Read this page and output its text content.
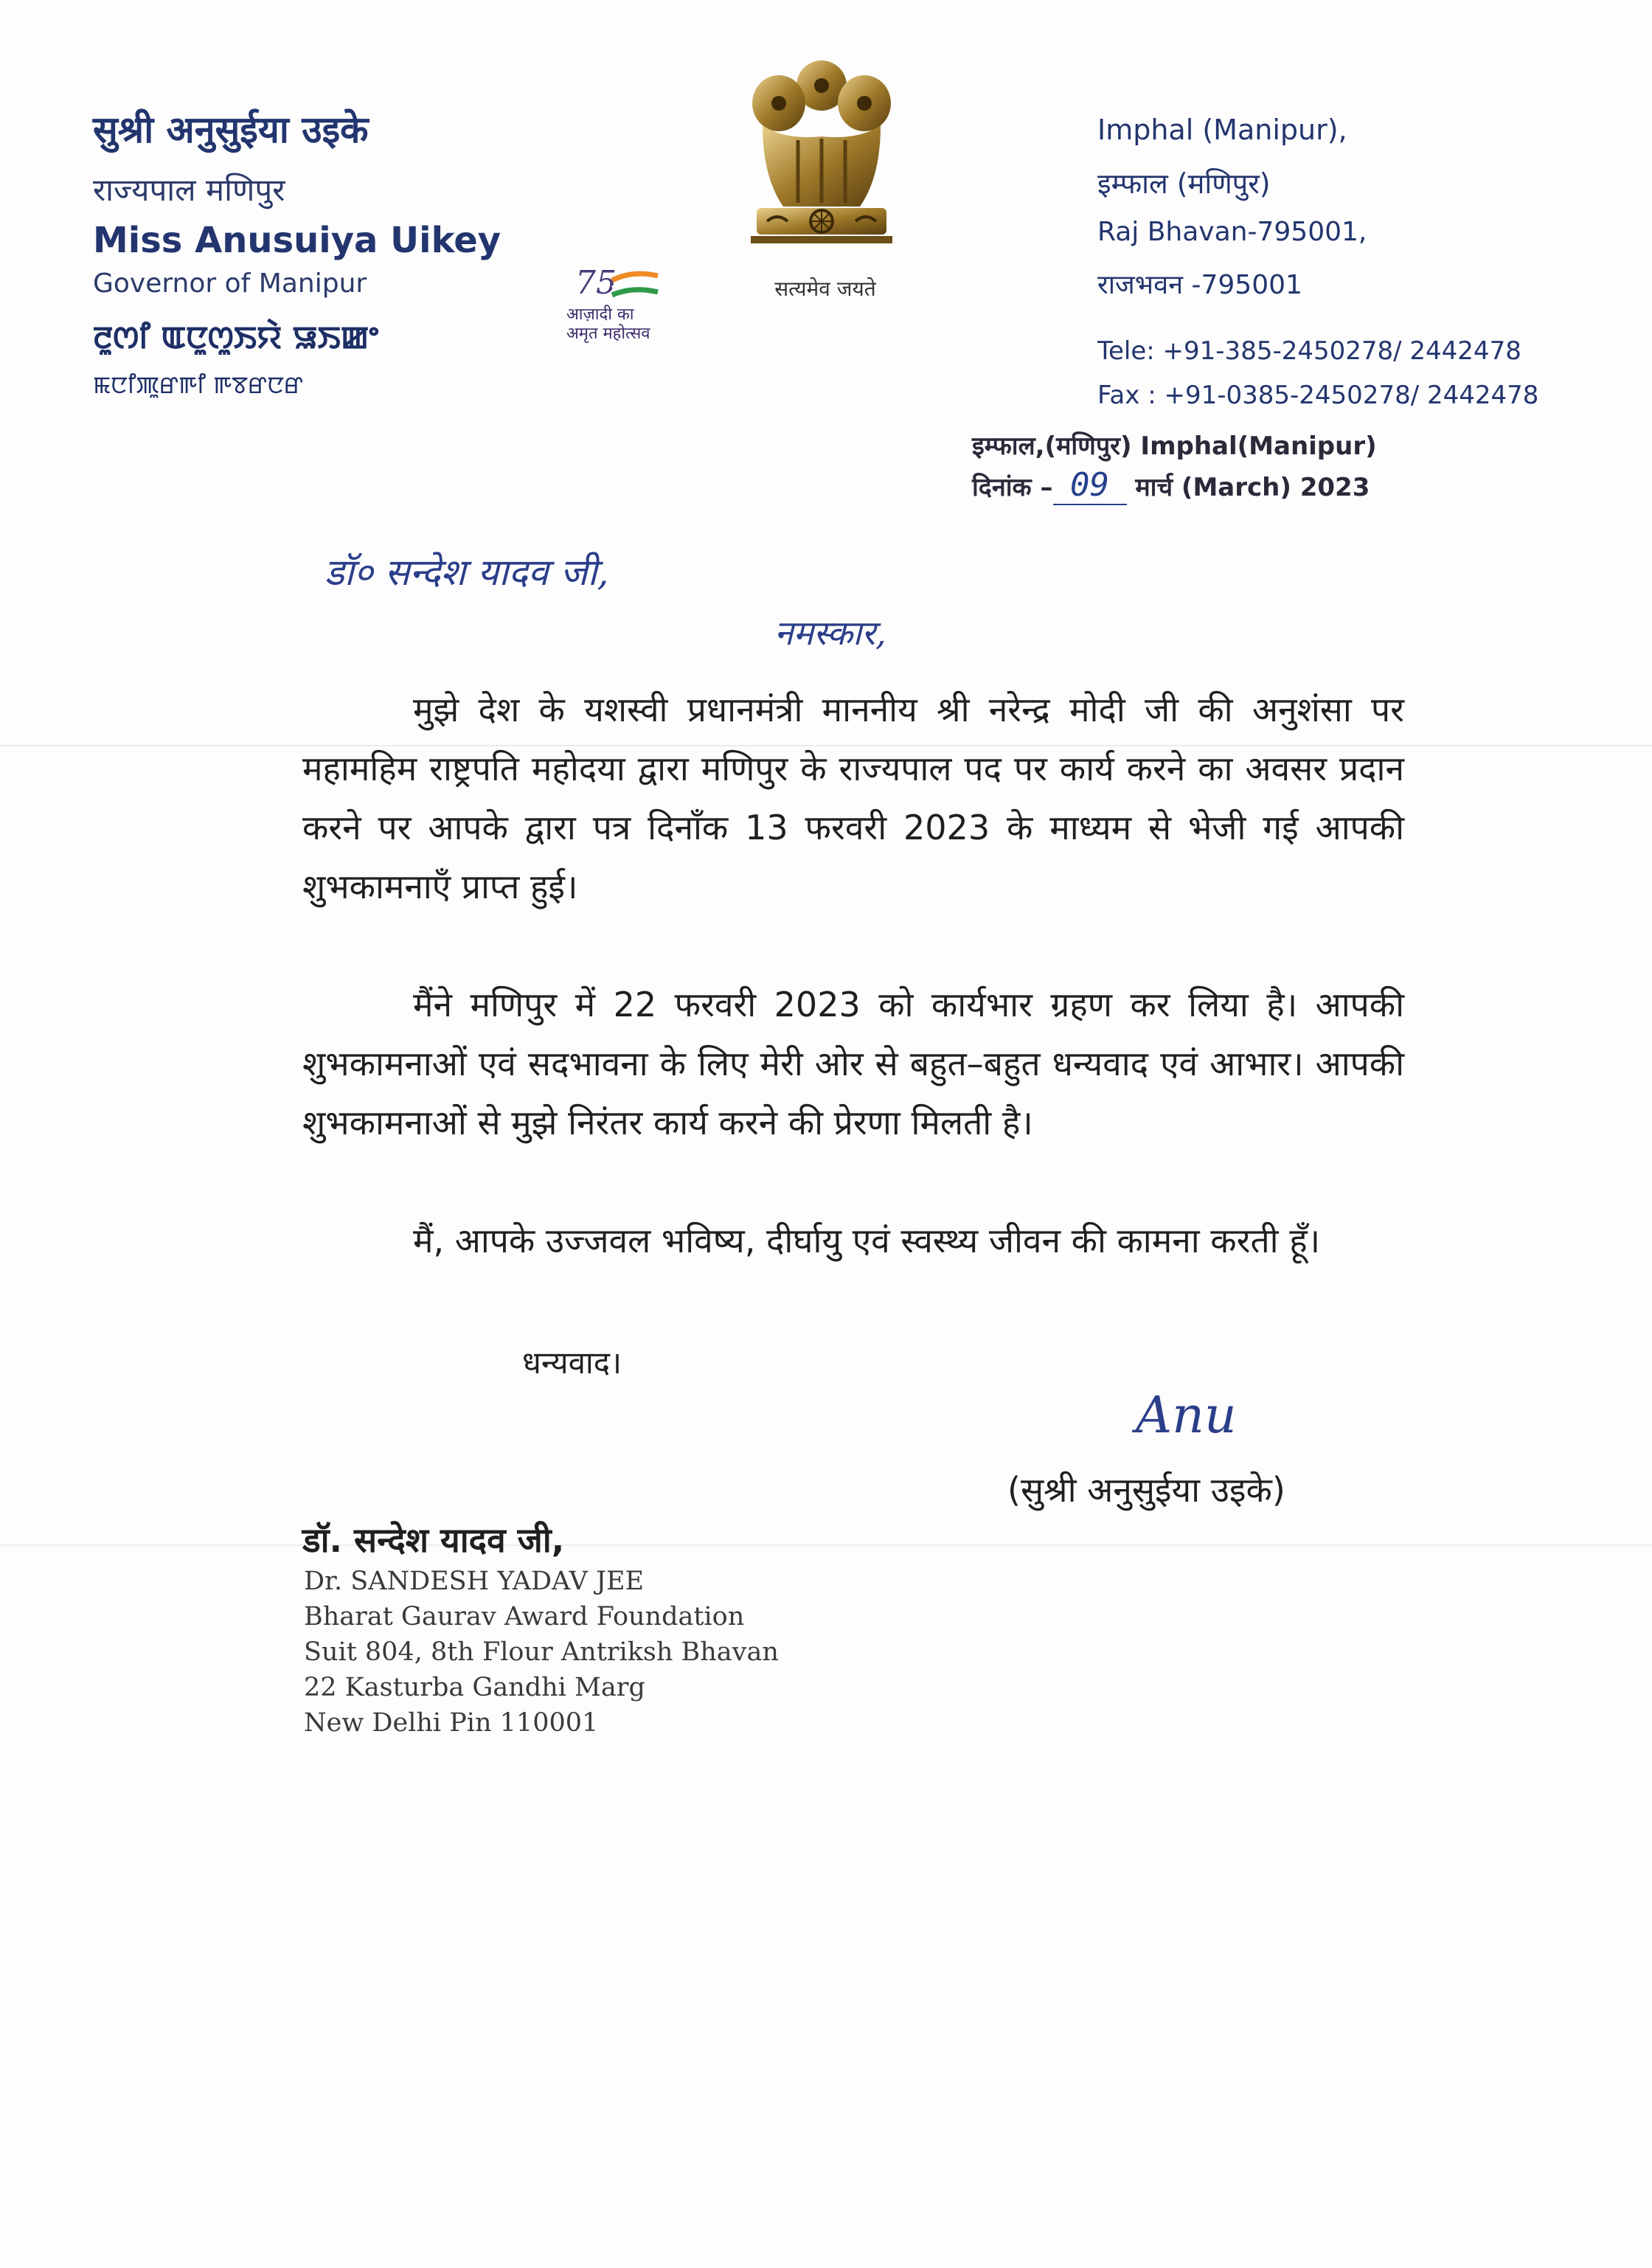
सुश्री अनुसुईया उइके
राज्यपाल मणिपुर
Miss Anusuiya Uikey
Governor of Manipur
ꯂꯨꯁꯤ ꯑꯅꯨꯁꯨꯏꯌꯥ ꯎꯏꯀꯦ
ꯃꯅꯤꯄꯨꯔꯒꯤ ꯒꯕꯔꯅꯔ
75
आज़ादी का
अमृत महोत्सव
सत्यमेव जयते
Imphal (Manipur),
इम्फाल (मणिपुर)
Raj Bhavan-795001,
राजभवन -795001
Tele: +91-385-2450278/ 2442478
Fax : +91-0385-2450278/ 2442478
इम्फाल,(मणिपुर) Imphal(Manipur)
दिनांक – 09 मार्च (March) 2023
डॉ० सन्देश यादव जी,
नमस्कार,
मुझे देश के यशस्वी प्रधानमंत्री माननीय श्री नरेन्द्र मोदी जी की अनुशंसा पर महामहिम राष्ट्रपति महोदया द्वारा मणिपुर के राज्यपाल पद पर कार्य करने का अवसर प्रदान करने पर आपके द्वारा पत्र दिनाँक 13 फरवरी 2023 के माध्यम से भेजी गई आपकी शुभकामनाएँ प्राप्त हुई।
मैंने मणिपुर में 22 फरवरी 2023 को कार्यभार ग्रहण कर लिया है। आपकी शुभकामनाओं एवं सदभावना के लिए मेरी ओर से बहुत–बहुत धन्यवाद एवं आभार। आपकी शुभकामनाओं से मुझे निरंतर कार्य करने की प्रेरणा मिलती है।
मैं, आपके उज्जवल भविष्य, दीर्घायु एवं स्वस्थ्य जीवन की कामना करती हूँ।
धन्यवाद।
Anu
(सुश्री अनुसुईया उइके)
डॉ. सन्देश यादव जी,
Dr. SANDESH YADAV JEE
Bharat Gaurav Award Foundation
Suit 804, 8th Flour Antriksh Bhavan
22 Kasturba Gandhi Marg
New Delhi Pin 110001
